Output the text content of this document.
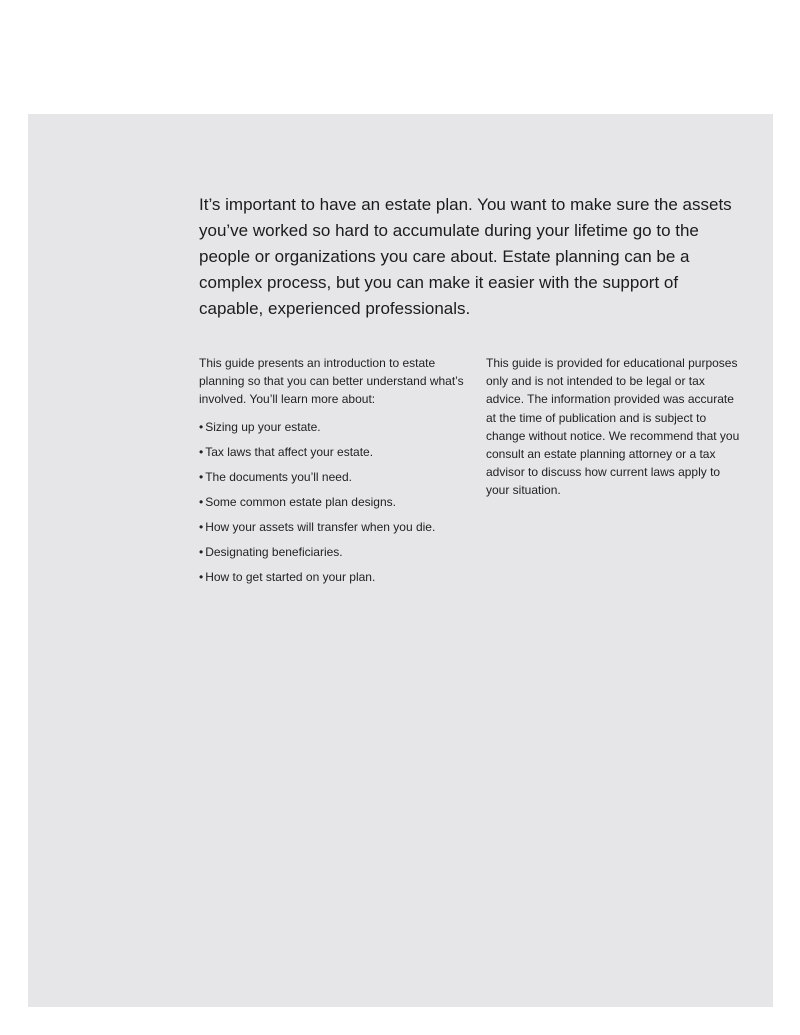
It’s important to have an estate plan. You want to make sure the assets you’ve worked so hard to accumulate during your lifetime go to the people or organizations you care about. Estate planning can be a complex process, but you can make it easier with the support of capable, experienced professionals.

This guide presents an introduction to estate planning so that you can better understand what’s involved. You’ll learn more about:

• Sizing up your estate.
• Tax laws that affect your estate.
• The documents you’ll need.
• Some common estate plan designs.
• How your assets will transfer when you die.
• Designating beneficiaries.
• How to get started on your plan.

This guide is provided for educational purposes only and is not intended to be legal or tax advice. The information provided was accurate at the time of publication and is subject to change without notice. We recommend that you consult an estate planning attorney or a tax advisor to discuss how current laws apply to your situation.
